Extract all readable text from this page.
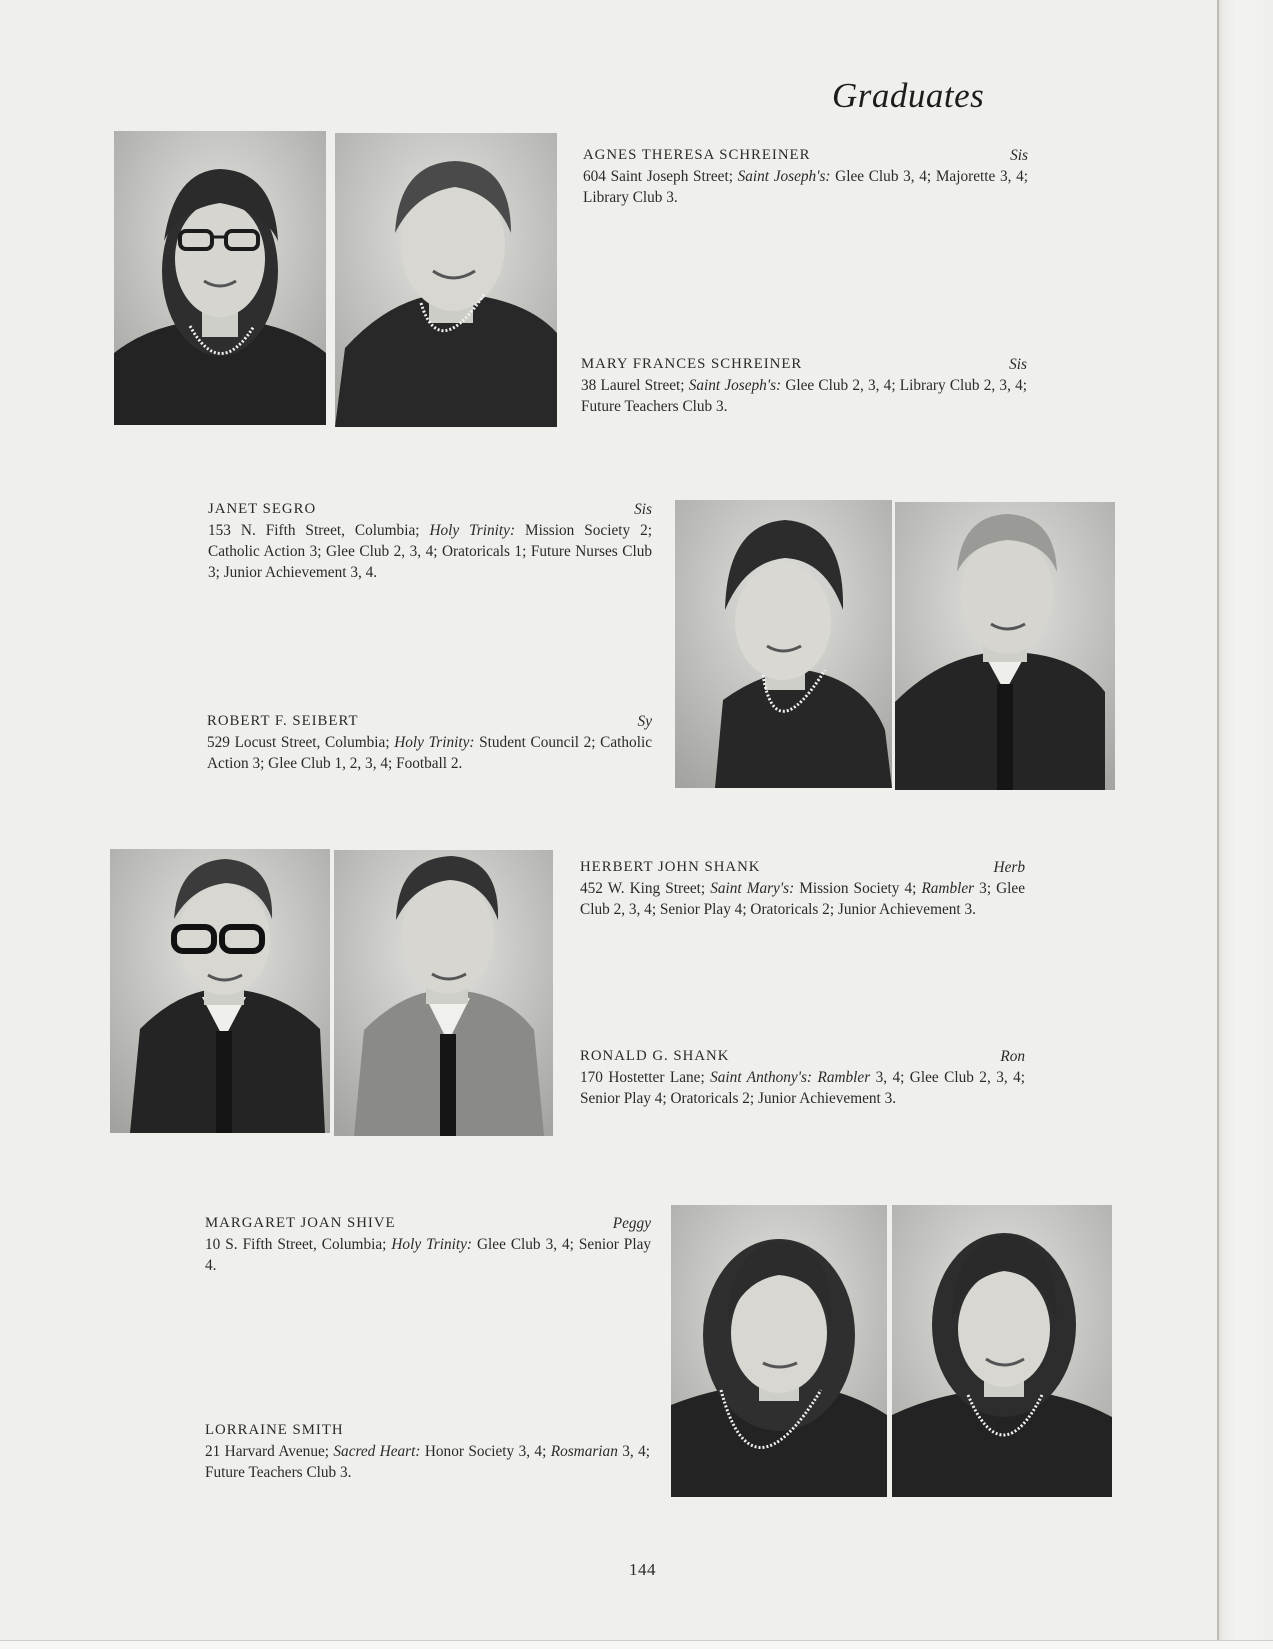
Graduates
AGNES THERESA SCHREINER	Sis
604 Saint Joseph Street; Saint Joseph's: Glee Club 3, 4; Majorette 3, 4; Library Club 3.
MARY FRANCES SCHREINER	Sis
38 Laurel Street; Saint Joseph's: Glee Club 2, 3, 4; Library Club 2, 3, 4; Future Teachers Club 3.
JANET SEGRO	Sis
153 N. Fifth Street, Columbia; Holy Trinity: Mission Society 2; Catholic Action 3; Glee Club 2, 3, 4; Oratoricals 1; Future Nurses Club 3; Junior Achievement 3, 4.
ROBERT F. SEIBERT	Sy
529 Locust Street, Columbia; Holy Trinity: Student Council 2; Catholic Action 3; Glee Club 1, 2, 3, 4; Football 2.
HERBERT JOHN SHANK	Herb
452 W. King Street; Saint Mary's: Mission Society 4; Rambler 3; Glee Club 2, 3, 4; Senior Play 4; Oratoricals 2; Junior Achievement 3.
RONALD G. SHANK	Ron
170 Hostetter Lane; Saint Anthony's: Rambler 3, 4; Glee Club 2, 3, 4; Senior Play 4; Oratoricals 2; Junior Achievement 3.
MARGARET JOAN SHIVE	Peggy
10 S. Fifth Street, Columbia; Holy Trinity: Glee Club 3, 4; Senior Play 4.
LORRAINE SMITH
21 Harvard Avenue; Sacred Heart: Honor Society 3, 4; Rosmarian 3, 4; Future Teachers Club 3.
144
